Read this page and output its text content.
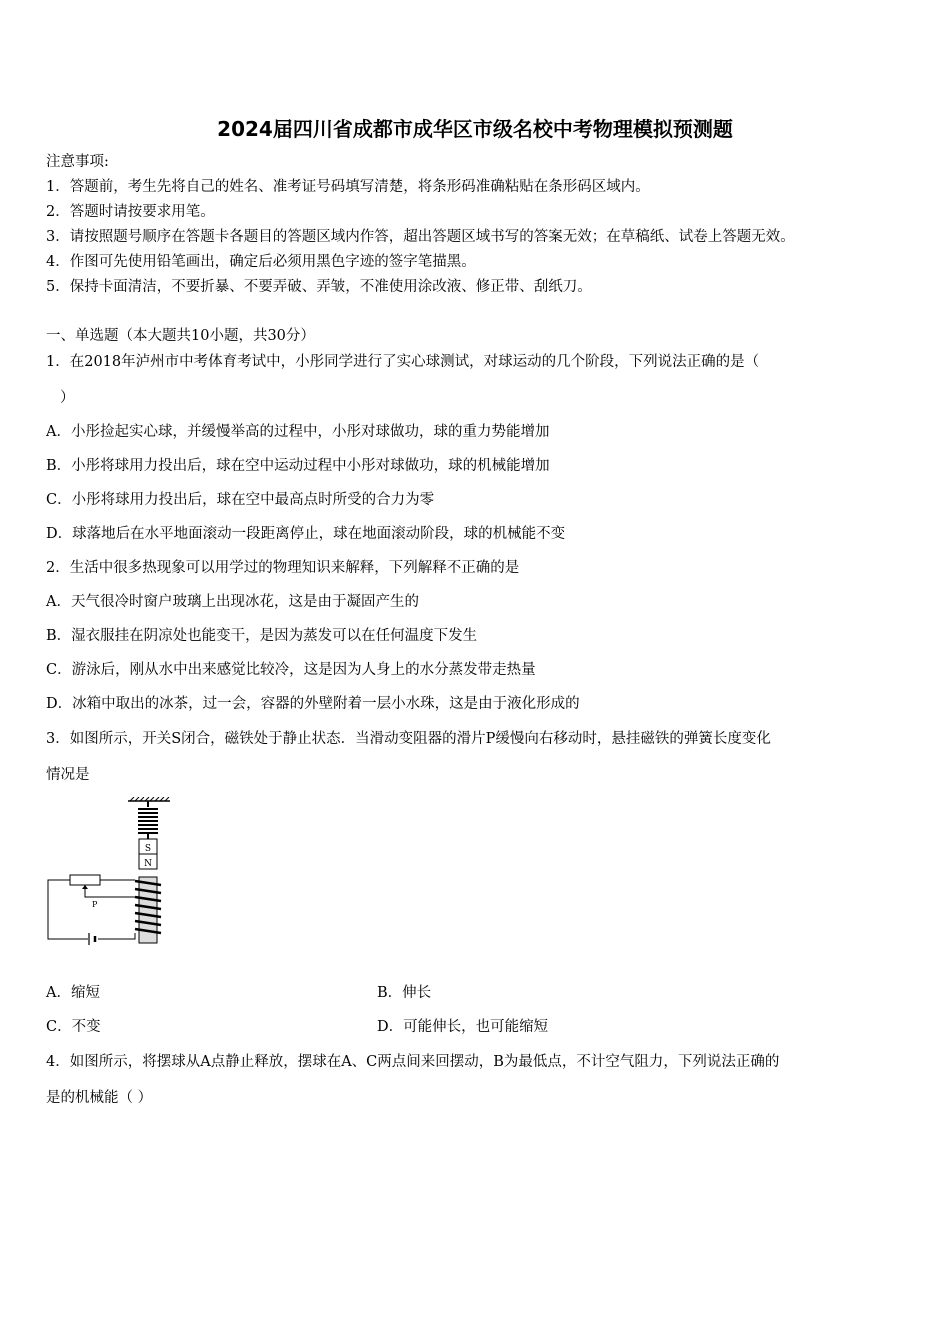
2024届四川省成都市成华区市级名校中考物理模拟预测题
注意事项:
1．答题前，考生先将自己的姓名、准考证号码填写清楚，将条形码准确粘贴在条形码区域内。
2．答题时请按要求用笔。
3．请按照题号顺序在答题卡各题目的答题区域内作答，超出答题区域书写的答案无效；在草稿纸、试卷上答题无效。
4．作图可先使用铅笔画出，确定后必须用黑色字迹的签字笔描黑。
5．保持卡面清洁，不要折暴、不要弄破、弄皱，不准使用涂改液、修正带、刮纸刀。
一、单选题（本大题共10小题，共30分）
1．在2018年泸州市中考体育考试中，小彤同学进行了实心球测试，对球运动的几个阶段，下列说法正确的是（
）
A．小彤捡起实心球，并缓慢举高的过程中，小彤对球做功，球的重力势能增加
B．小彤将球用力投出后，球在空中运动过程中小彤对球做功，球的机械能增加
C．小彤将球用力投出后，球在空中最高点时所受的合力为零
D．球落地后在水平地面滚动一段距离停止，球在地面滚动阶段，球的机械能不变
2．生活中很多热现象可以用学过的物理知识来解释，下列解释不正确的是
A．天气很冷时窗户玻璃上出现冰花，这是由于凝固产生的
B．湿衣服挂在阴凉处也能变干，是因为蒸发可以在任何温度下发生
C．游泳后，刚从水中出来感觉比较冷，这是因为人身上的水分蒸发带走热量
D．冰箱中取出的冰茶，过一会，容器的外壁附着一层小水珠，这是由于液化形成的
3．如图所示，开关S闭合，磁铁处于静止状态．当滑动变阻器的滑片P缓慢向右移动时，悬挂磁铁的弹簧长度变化
情况是
S
N
P
A．缩短	B．伸长
C．不变	D．可能伸长，也可能缩短
4．如图所示，将摆球从A点静止释放，摆球在A、C两点间来回摆动，B为最低点，不计空气阻力，下列说法正确的
是的机械能（ ）
